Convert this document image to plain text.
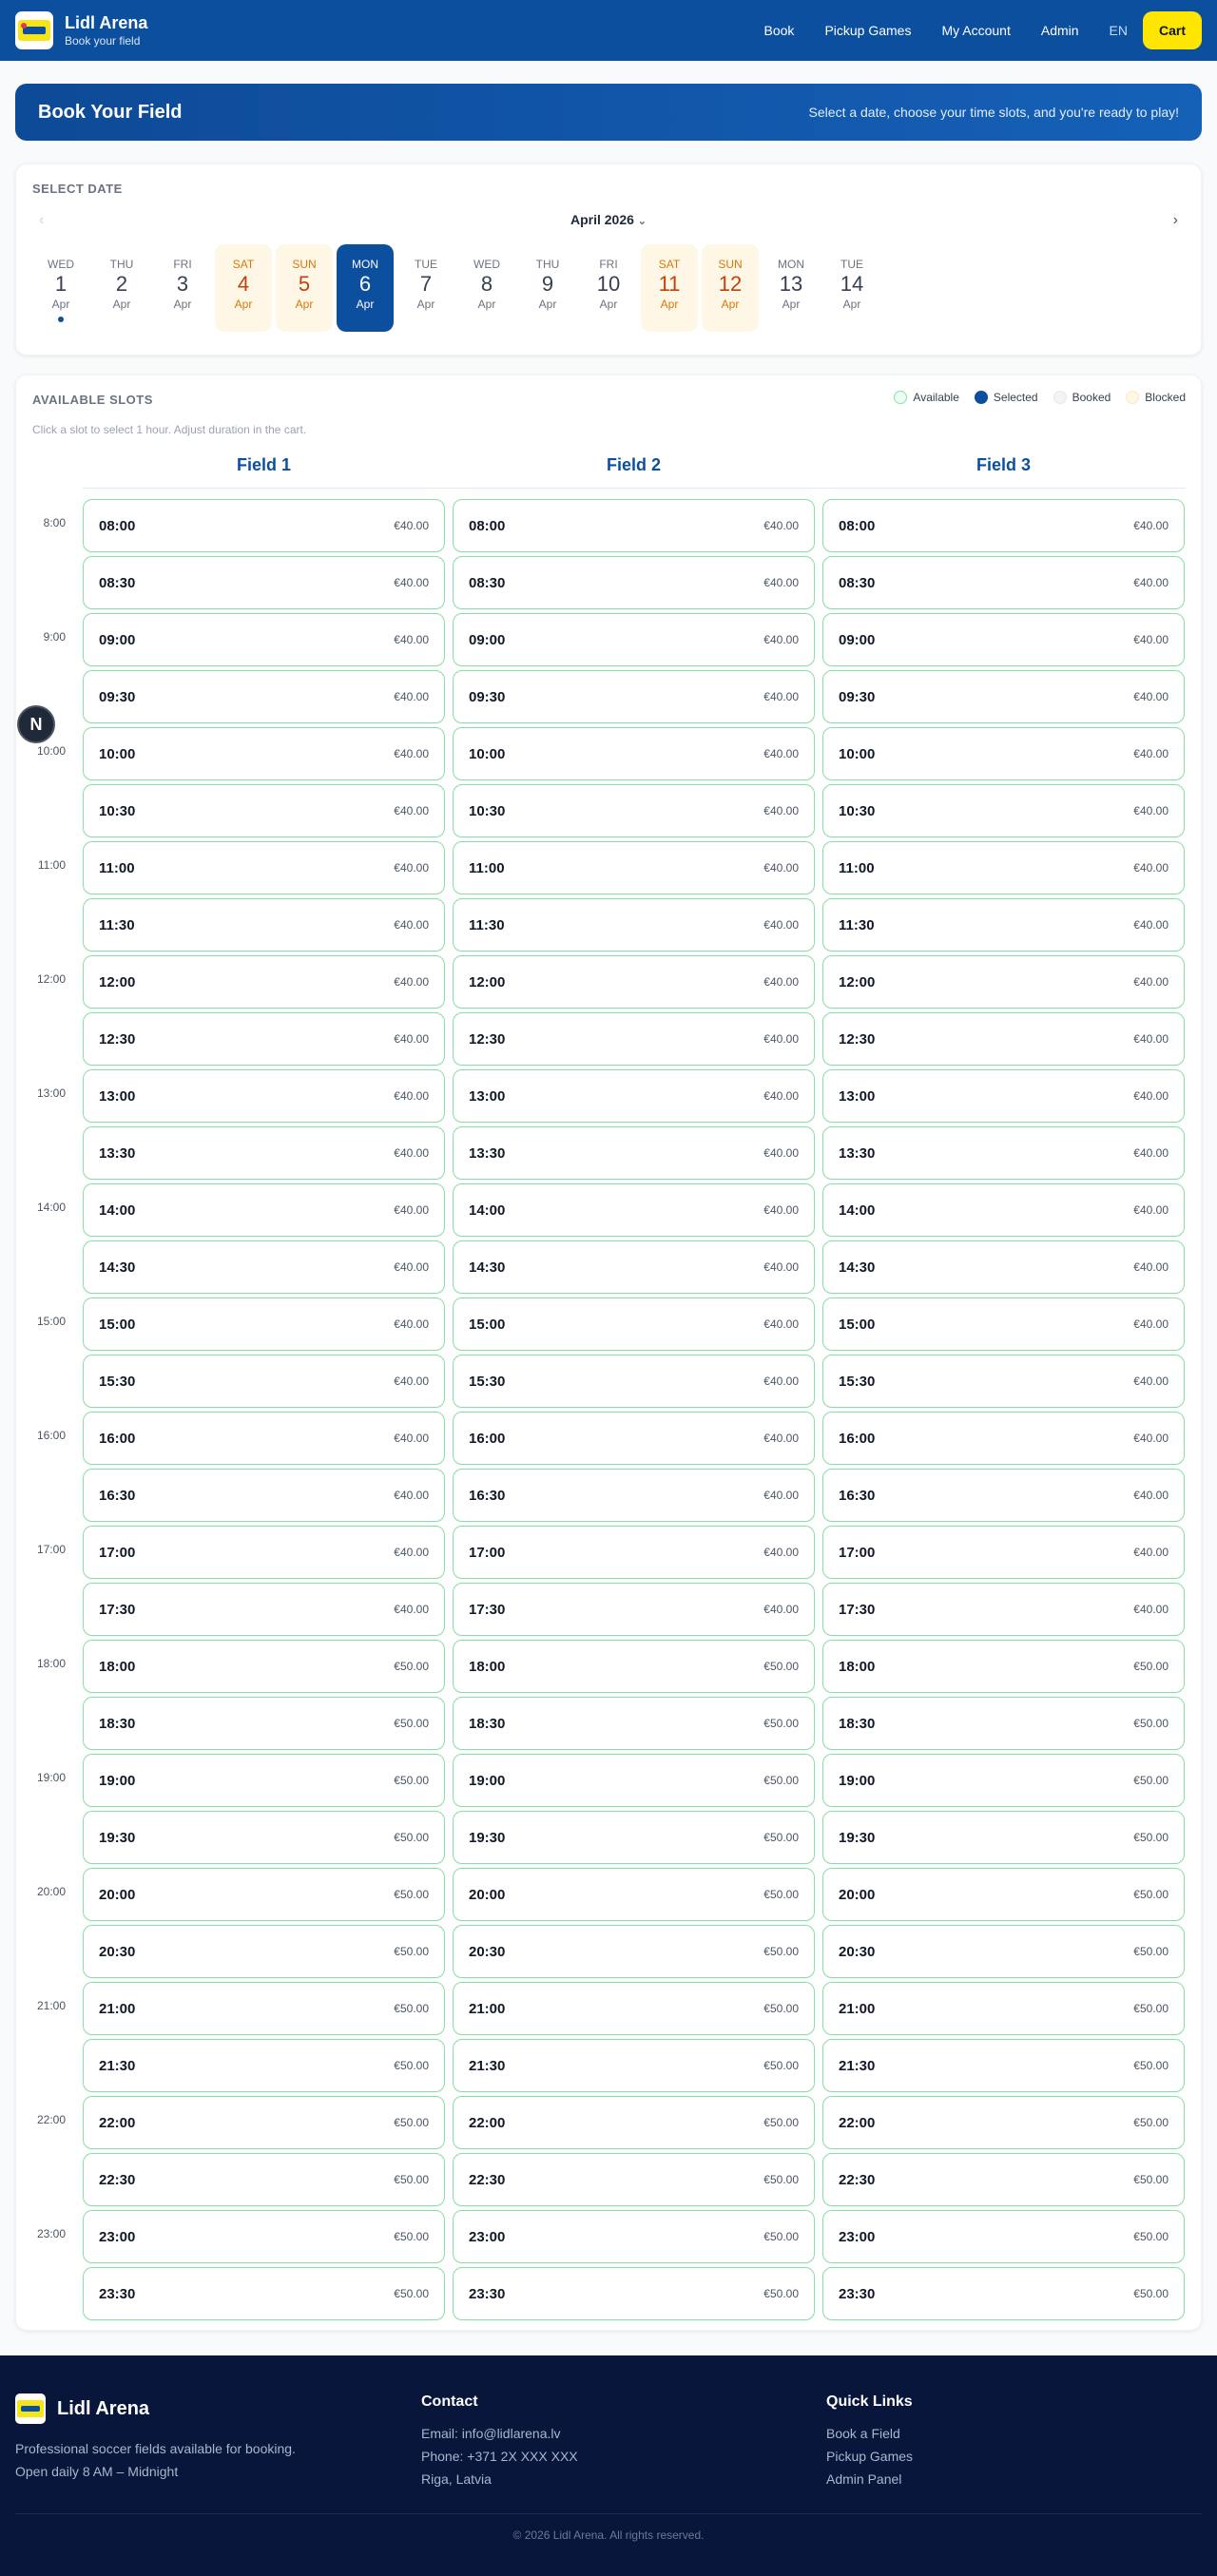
Lidl Arena
Book your field
Book Pickup Games My Account Admin EN	Cart
Book Your Field	Select a date, choose your time slots, and you're ready to play!
SELECT DATE
‹	April 2026 ⌄	›
WED
1
Apr
THU
2
Apr
FRI
3
Apr
SAT
4
Apr
SUN
5
Apr
MON
6
Apr
TUE
7
Apr
WED
8
Apr
THU
9
Apr
FRI
10
Apr
SAT
11
Apr
SUN
12
Apr
MON
13
Apr
TUE
14
Apr
AVAILABLE SLOTS	Available	Selected	Booked	Blocked
Click a slot to select 1 hour. Adjust duration in the cart.
Field 1	Field 2	Field 3
8:00 08:00	€40.00	08:00	€40.00	08:00	€40.00
08:30	€40.00	08:30	€40.00	08:30	€40.00
9:00 09:00	€40.00	09:00	€40.00	09:00	€40.00
09:30	€40.00	09:30	€40.00	09:30	€40.00
10:00 10:00	€40.00	10:00	€40.00	10:00	€40.00
10:30	€40.00	10:30	€40.00	10:30	€40.00
11:00 11:00	€40.00	11:00	€40.00	11:00	€40.00
11:30	€40.00	11:30	€40.00	11:30	€40.00
12:00 12:00	€40.00	12:00	€40.00	12:00	€40.00
12:30	€40.00	12:30	€40.00	12:30	€40.00
13:00 13:00	€40.00	13:00	€40.00	13:00	€40.00
13:30	€40.00	13:30	€40.00	13:30	€40.00
14:00 14:00	€40.00	14:00	€40.00	14:00	€40.00
14:30	€40.00	14:30	€40.00	14:30	€40.00
15:00 15:00	€40.00	15:00	€40.00	15:00	€40.00
15:30	€40.00	15:30	€40.00	15:30	€40.00
16:00 16:00	€40.00	16:00	€40.00	16:00	€40.00
16:30	€40.00	16:30	€40.00	16:30	€40.00
17:00 17:00	€40.00	17:00	€40.00	17:00	€40.00
17:30	€40.00	17:30	€40.00	17:30	€40.00
18:00 18:00	€50.00	18:00	€50.00	18:00	€50.00
18:30	€50.00	18:30	€50.00	18:30	€50.00
19:00 19:00	€50.00	19:00	€50.00	19:00	€50.00
19:30	€50.00	19:30	€50.00	19:30	€50.00
20:00 20:00	€50.00	20:00	€50.00	20:00	€50.00
20:30	€50.00	20:30	€50.00	20:30	€50.00
21:00 21:00	€50.00	21:00	€50.00	21:00	€50.00
21:30	€50.00	21:30	€50.00	21:30	€50.00
22:00 22:00	€50.00	22:00	€50.00	22:00	€50.00
22:30	€50.00	22:30	€50.00	22:30	€50.00
23:00 23:00	€50.00	23:00	€50.00	23:00	€50.00
23:30	€50.00	23:30	€50.00	23:30	€50.00
N
Lidl Arena
Professional soccer fields available for booking.
Open daily 8 AM – Midnight
Contact
Email: info@lidlarena.lv
Phone: +371 2X XXX XXX
Riga, Latvia
Quick Links
Book a Field
Pickup Games
Admin Panel
© 2026 Lidl Arena. All rights reserved.
